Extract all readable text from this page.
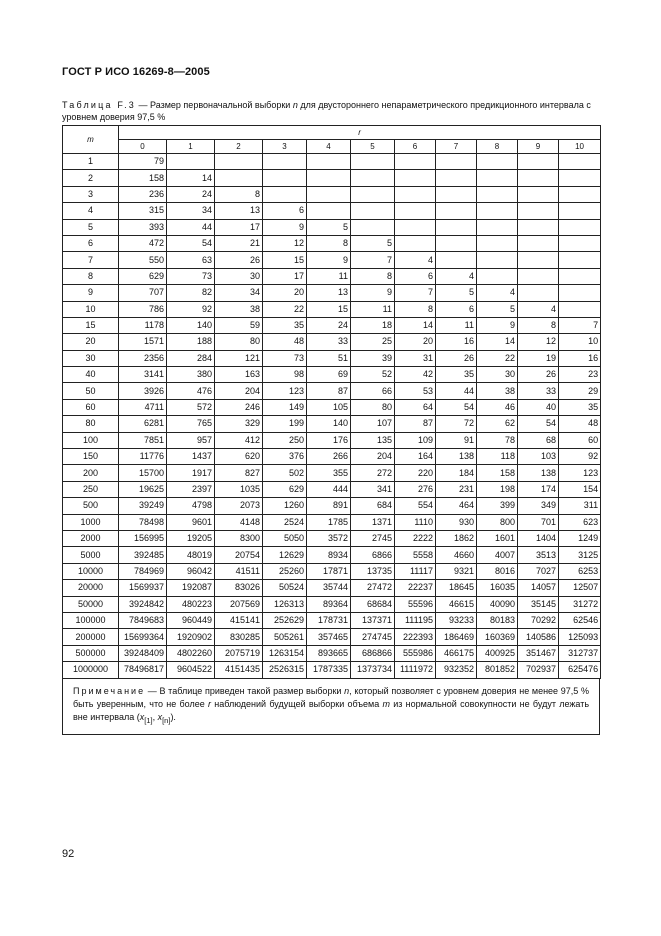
ГОСТ Р ИСО 16269-8—2005
Таблица F.3 — Размер первоначальной выборки n для двустороннего непараметрического предикционного интервала с уровнем доверия 97,5 %
m	r										
	0	1	2	3	4	5	6	7	8	9	10
1	79										
2	158	14									
3	236	24	8								
4	315	34	13	6							
5	393	44	17	9	5						
6	472	54	21	12	8	5					
7	550	63	26	15	9	7	4				
8	629	73	30	17	11	8	6	4			
9	707	82	34	20	13	9	7	5	4		
10	786	92	38	22	15	11	8	6	5	4	
15	1178	140	59	35	24	18	14	11	9	8	7
20	1571	188	80	48	33	25	20	16	14	12	10
30	2356	284	121	73	51	39	31	26	22	19	16
40	3141	380	163	98	69	52	42	35	30	26	23
50	3926	476	204	123	87	66	53	44	38	33	29
60	4711	572	246	149	105	80	64	54	46	40	35
80	6281	765	329	199	140	107	87	72	62	54	48
100	7851	957	412	250	176	135	109	91	78	68	60
150	11776	1437	620	376	266	204	164	138	118	103	92
200	15700	1917	827	502	355	272	220	184	158	138	123
250	19625	2397	1035	629	444	341	276	231	198	174	154
500	39249	4798	2073	1260	891	684	554	464	399	349	311
1000	78498	9601	4148	2524	1785	1371	1110	930	800	701	623
2000	156995	19205	8300	5050	3572	2745	2222	1862	1601	1404	1249
5000	392485	48019	20754	12629	8934	6866	5558	4660	4007	3513	3125
10000	784969	96042	41511	25260	17871	13735	11117	9321	8016	7027	6253
20000	1569937	192087	83026	50524	35744	27472	22237	18645	16035	14057	12507
50000	3924842	480223	207569	126313	89364	68684	55596	46615	40090	35145	31272
100000	7849683	960449	415141	252629	178731	137371	111195	93233	80183	70292	62546
200000	15699364	1920902	830285	505261	357465	274745	222393	186469	160369	140586	125093
500000	39248409	4802260	2075719	1263154	893665	686866	555986	466175	400925	351467	312737
1000000	78496817	9604522	4151435	2526315	1787335	1373734	1111972	932352	801852	702937	625476
Примечание — В таблице приведен такой размер выборки n, который позволяет с уровнем доверия не менее 97,5 % быть уверенным, что не более r наблюдений будущей выборки объема m из нормальной совокупности не будут лежать вне интервала ($x_{[1]}$, $x_{[n]}$).
92
